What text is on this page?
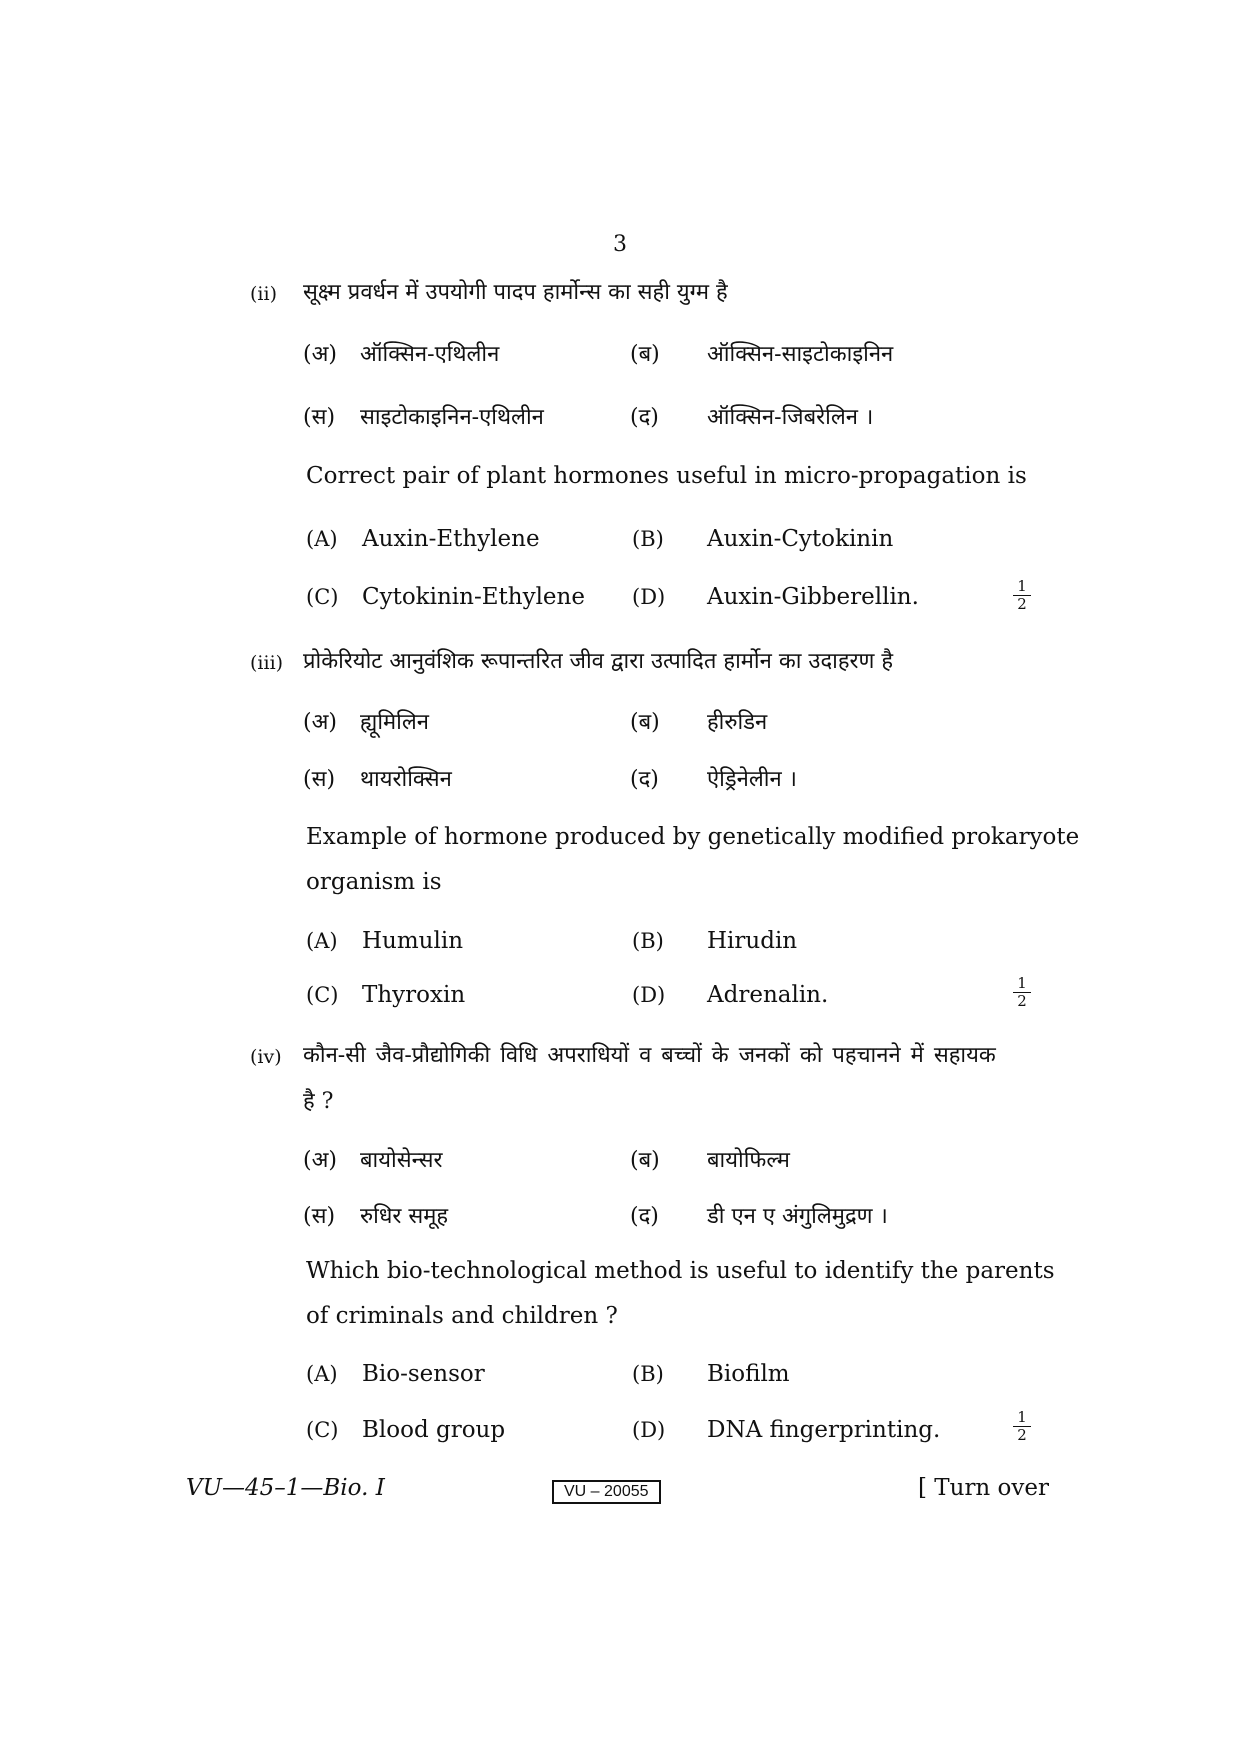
3
(ii) सूक्ष्म प्रवर्धन में उपयोगी पादप हार्मोन्स का सही युग्म है
(अ) ऑक्सिन-एथिलीन	(ब) ऑक्सिन-साइटोकाइनिन
(स) साइटोकाइनिन-एथिलीन	(द) ऑक्सिन-जिबरेलिन ।
Correct pair of plant hormones useful in micro-propagation is
(A) Auxin-Ethylene	(B) Auxin-Cytokinin
(C) Cytokinin-Ethylene (D) Auxin-Gibberellin.	$\frac{1}{2}$
(iii) प्रोकेरियोट आनुवंशिक रूपान्तरित जीव द्वारा उत्पादित हार्मोन का उदाहरण है
(अ) ह्यूमिलिन	(ब) हीरुडिन
(स) थायरोक्सिन	(द) ऐड्रिनेलीन ।
Example of hormone produced by genetically modified prokaryote
organism is
(A) Humulin	(B) Hirudin
(C) Thyroxin	(D) Adrenalin.	$\frac{1}{2}$
(iv) कौन-सी जैव-प्रौद्योगिकी विधि अपराधियों व बच्चों के जनकों को पहचानने में सहायक
है ?
(अ) बायोसेन्सर	(ब) बायोफिल्म
(स) रुधिर समूह	(द) डी एन ए अंगुलिमुद्रण ।
Which bio-technological method is useful to identify the parents
of criminals and children ?
(A) Bio-sensor	(B) Biofilm
(C) Blood group	(D) DNA fingerprinting.	$\frac{1}{2}$
VU—45–1—Bio. I	VU – 20055	[ Turn over
